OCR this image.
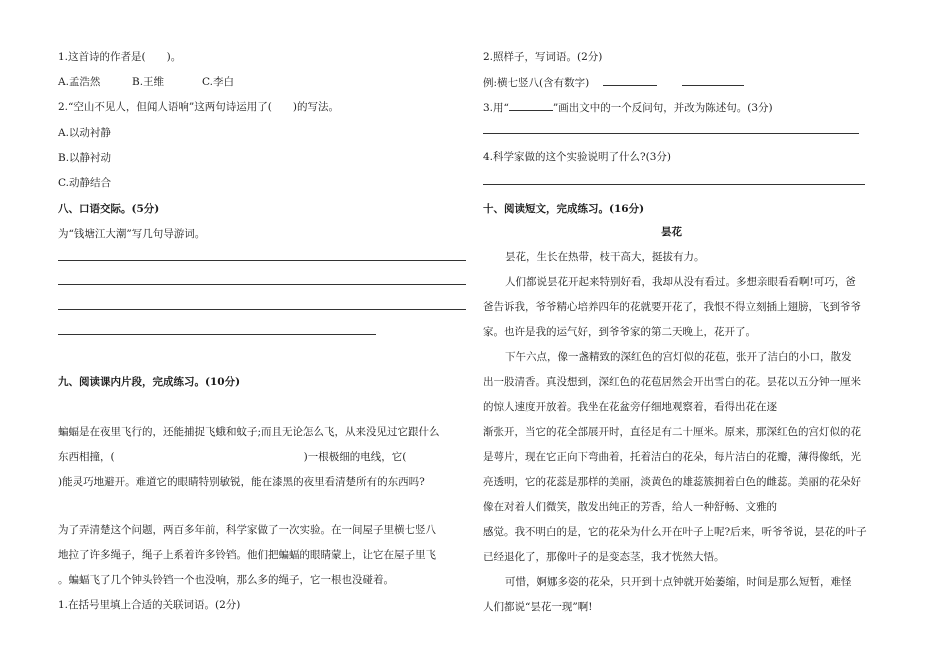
1.这首诗的作者是(　　)。
A.孟浩然	B.王维	C.李白
2.“空山不见人，但闻人语响”这两句诗运用了(　　)的写法。
A.以动衬静
B.以静衬动
C.动静结合
八、口语交际。(5分)
为“钱塘江大潮”写几句导游词。
九、阅读课内片段，完成练习。(10分)
蝙蝠是在夜里飞行的，还能捕捉飞蛾和蚊子;而且无论怎么飞，从来没见过它跟什么
东西相撞，(　　　　　　　　　　　　　　　　　　)一根极细的电线，它(
)能灵巧地避开。难道它的眼睛特别敏锐，能在漆黑的夜里看清楚所有的东西吗?
为了弄清楚这个问题，两百多年前，科学家做了一次实验。在一间屋子里横七竖八
地拉了许多绳子，绳子上系着许多铃铛。他们把蝙蝠的眼睛蒙上，让它在屋子里飞
。蝙蝠飞了几个钟头铃铛一个也没响，那么多的绳子，它一根也没碰着。
1.在括号里填上合适的关联词语。(2分)
2.照样子，写词语。(2分)
例:横七竖八(含有数字)
3.用“	”画出文中的一个反问句，并改为陈述句。(3分)
4.科学家做的这个实验说明了什么?(3分)
十、阅读短文，完成练习。(16分)
昙花
昙花，生长在热带，枝干高大，挺拔有力。
人们都说昙花开起来特别好看，我却从没有看过。多想亲眼看看啊!可巧，爸
爸告诉我，爷爷精心培养四年的花就要开花了，我恨不得立刻插上翅膀，飞到爷爷
家。也许是我的运气好，到爷爷家的第二天晚上，花开了。
下午六点，像一盏精致的深红色的宫灯似的花苞，张开了洁白的小口，散发
出一股清香。真没想到，深红色的花苞居然会开出雪白的花。昙花以五分钟一厘米
的惊人速度开放着。我坐在花盆旁仔细地观察着，看得出花在逐
渐张开，当它的花全部展开时，直径足有二十厘米。原来，那深红色的宫灯似的花
是萼片，现在它正向下弯曲着，托着洁白的花朵，每片洁白的花瓣，薄得像纸，光
亮透明，它的花蕊是那样的美丽，淡黄色的雄蕊簇拥着白色的雌蕊。美丽的花朵好
像在对着人们微笑，散发出纯正的芳香，给人一种舒畅、文雅的
感觉。我不明白的是，它的花朵为什么开在叶子上呢?后来，听爷爷说，昙花的叶子
已经退化了，那像叶子的是变态茎，我才恍然大悟。
可惜，婀娜多姿的花朵，只开到十点钟就开始萎缩，时间是那么短暂，难怪
人们都说“昙花一现”啊!
